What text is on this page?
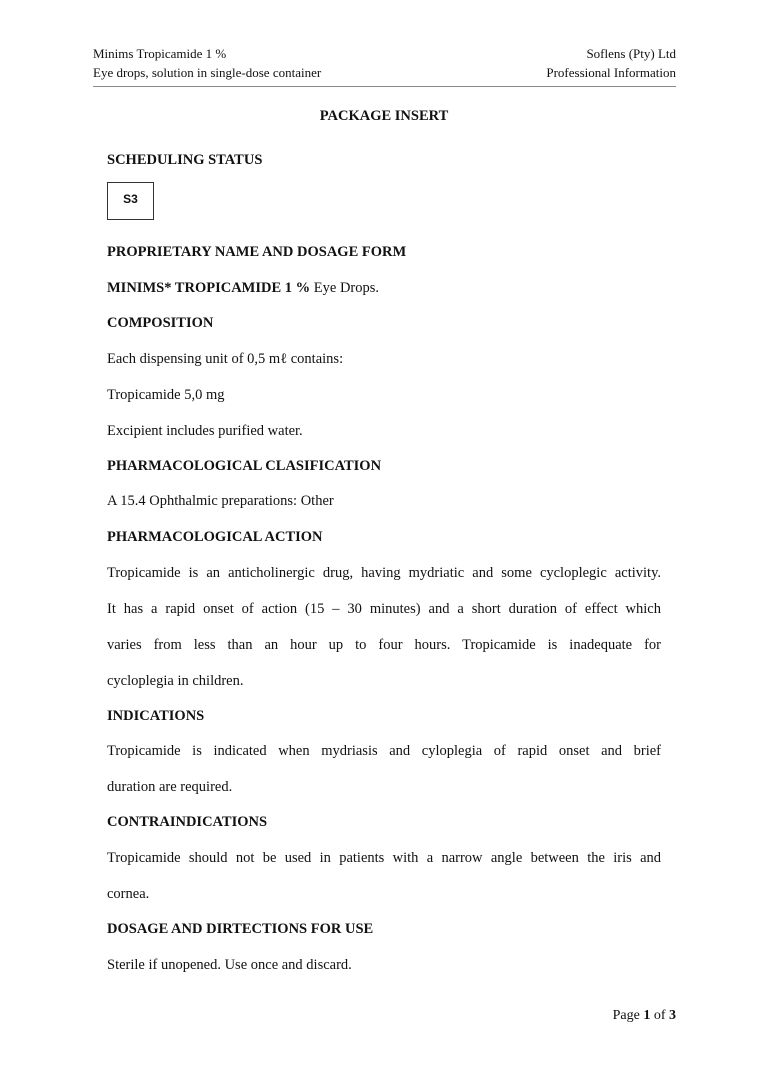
Minims Tropicamide 1 %
Eye drops, solution in single-dose container
Soflens (Pty) Ltd
Professional Information
PACKAGE INSERT
SCHEDULING STATUS
S3
PROPRIETARY NAME AND DOSAGE FORM
MINIMS* TROPICAMIDE 1 % Eye Drops.
COMPOSITION
Each dispensing unit of 0,5 mℓ contains:
Tropicamide 5,0 mg
Excipient includes purified water.
PHARMACOLOGICAL CLASIFICATION
A 15.4 Ophthalmic preparations: Other
PHARMACOLOGICAL ACTION
Tropicamide is an anticholinergic drug, having mydriatic and some cycloplegic activity.
It has a rapid onset of action (15 – 30 minutes) and a short duration of effect which
varies from less than an hour up to four hours. Tropicamide is inadequate for
cycloplegia in children.
INDICATIONS
Tropicamide is indicated when mydriasis and cyloplegia of rapid onset and brief
duration are required.
CONTRAINDICATIONS
Tropicamide should not be used in patients with a narrow angle between the iris and
cornea.
DOSAGE AND DIRTECTIONS FOR USE
Sterile if unopened. Use once and discard.
Page 1 of 3
